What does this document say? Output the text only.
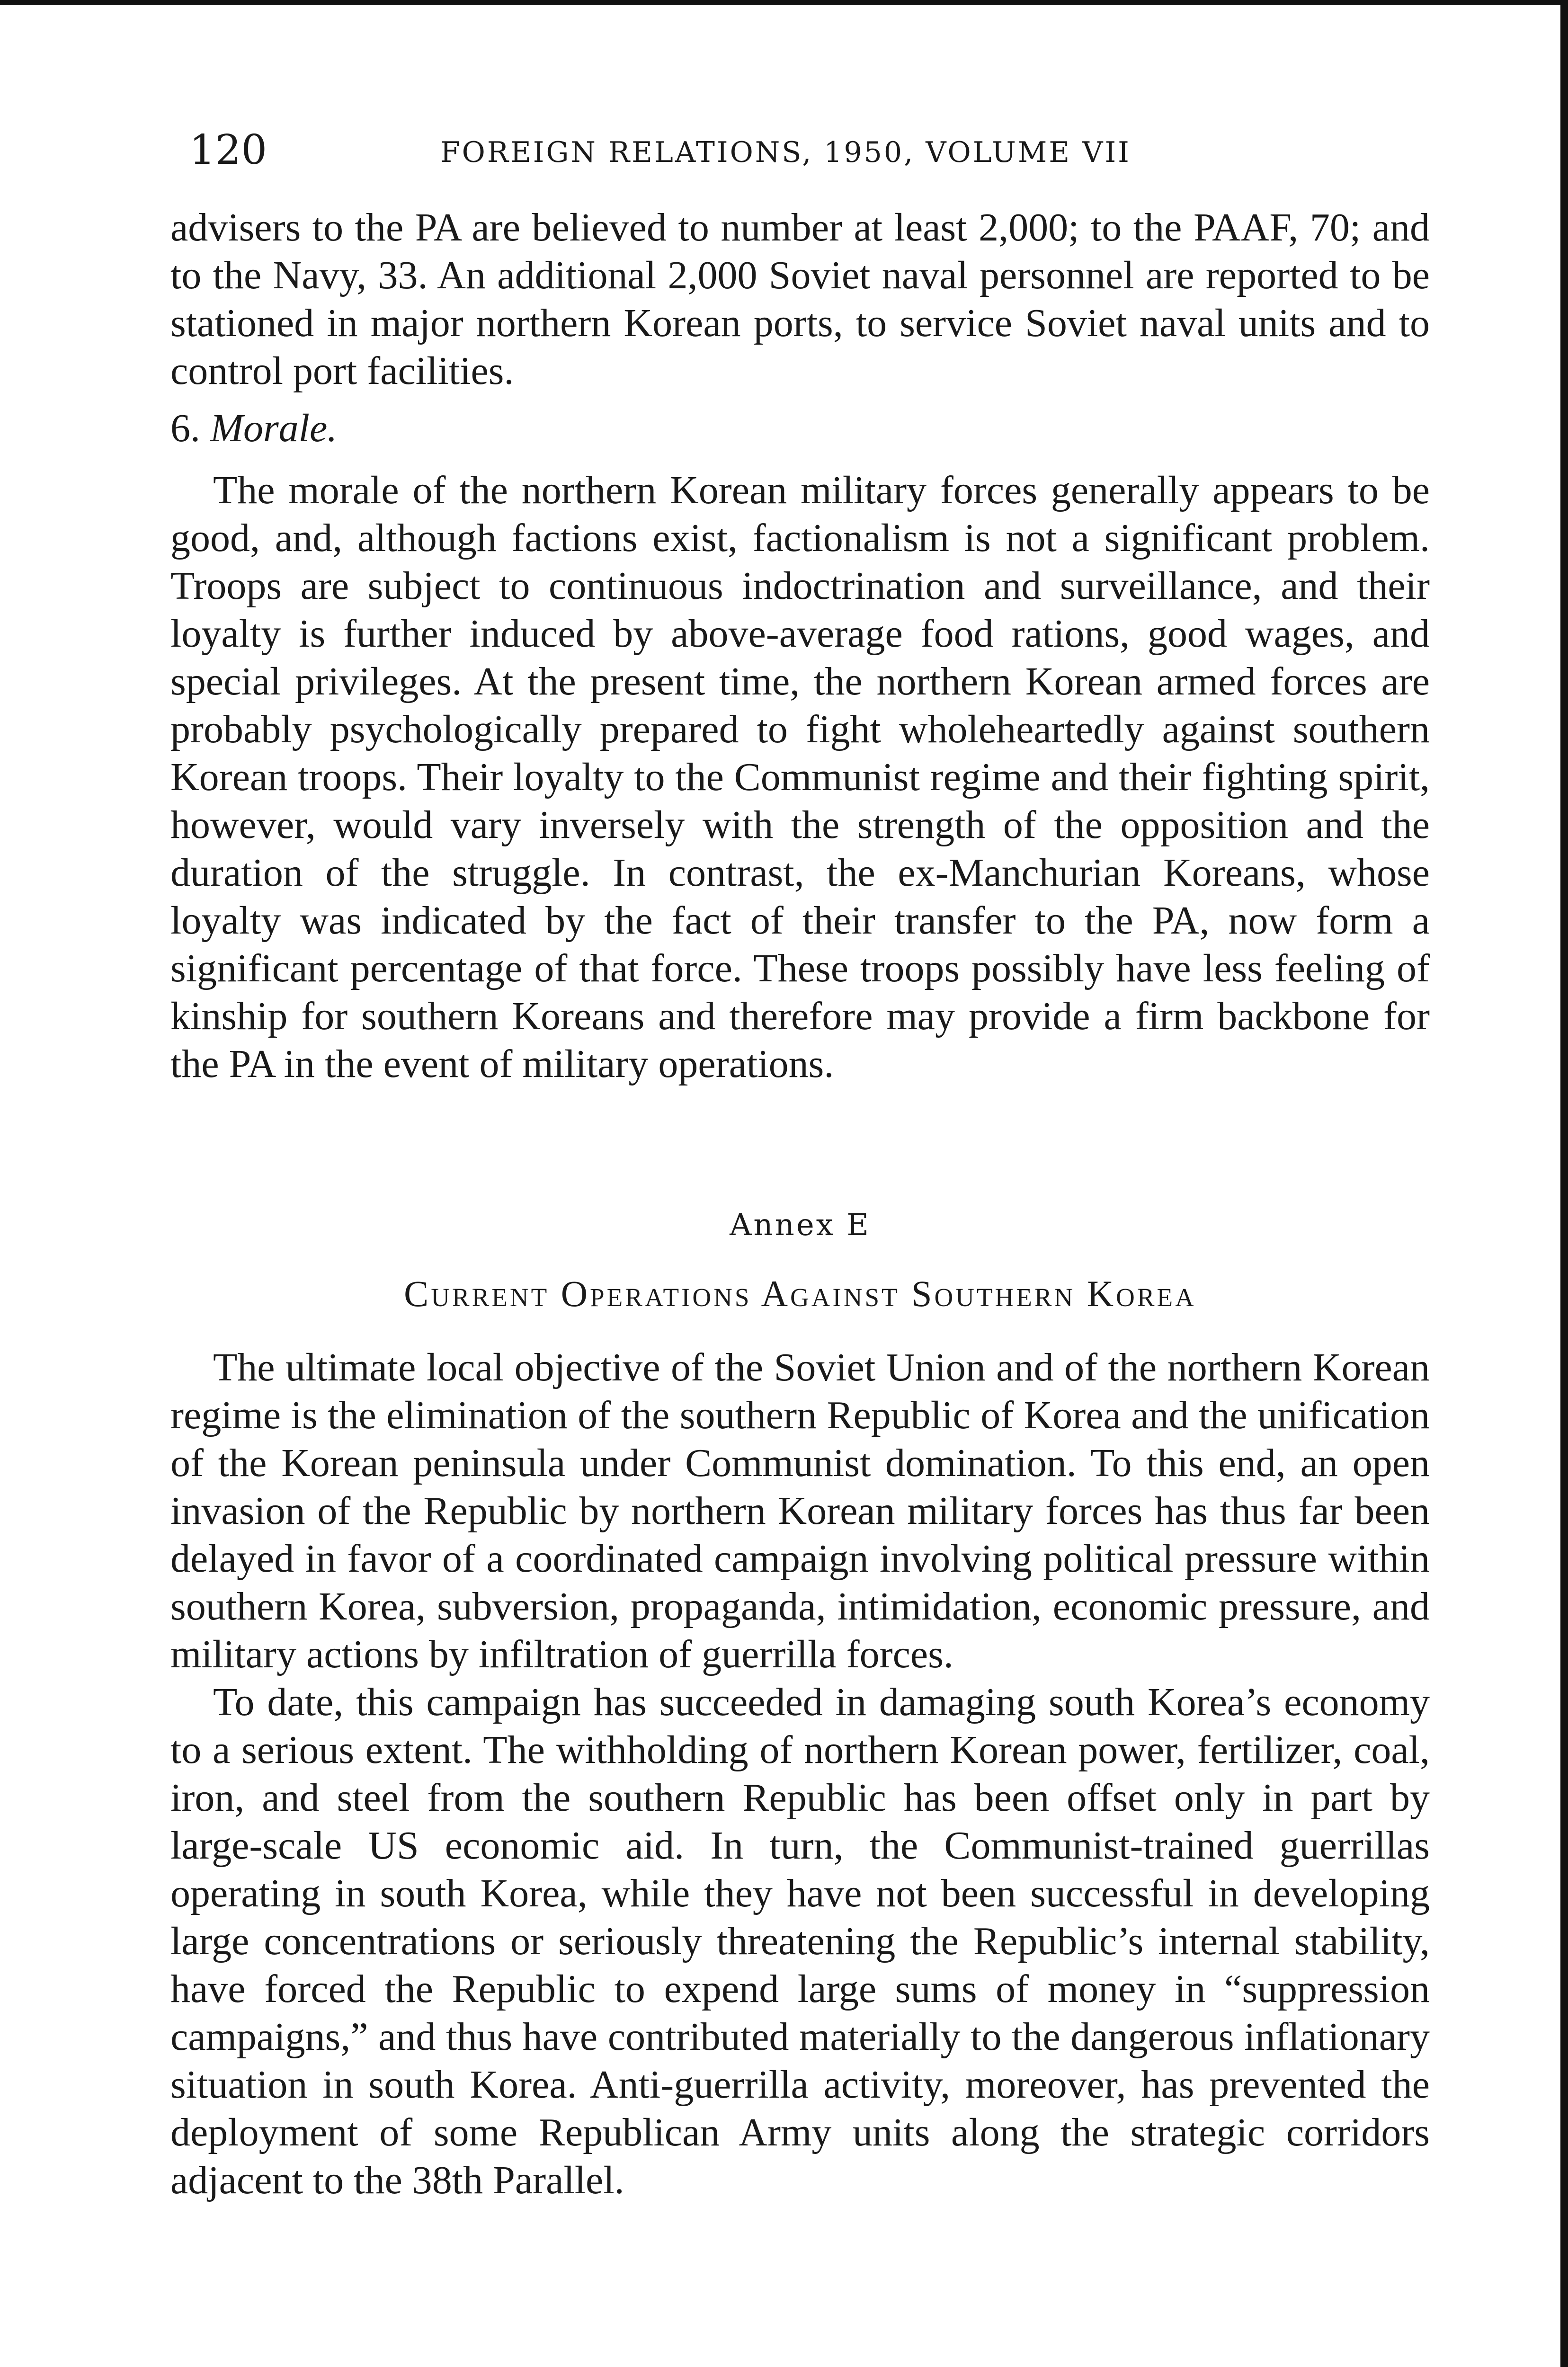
120	FOREIGN RELATIONS, 1950, VOLUME VII

advisers to the PA are believed to number at least 2,000; to the PAAF, 70; and to the Navy, 33. An additional 2,000 Soviet naval personnel are reported to be stationed in major northern Korean ports, to service Soviet naval units and to control port facilities.

6. Morale.

The morale of the northern Korean military forces generally appears to be good, and, although factions exist, factionalism is not a significant problem. Troops are subject to continuous indoctrination and surveillance, and their loyalty is further induced by above-average food rations, good wages, and special privileges. At the present time, the northern Korean armed forces are probably psychologically prepared to fight wholeheartedly against southern Korean troops. Their loyalty to the Communist regime and their fighting spirit, however, would vary inversely with the strength of the opposition and the duration of the struggle. In contrast, the ex-Manchurian Koreans, whose loyalty was indicated by the fact of their transfer to the PA, now form a significant percentage of that force. These troops possibly have less feeling of kinship for southern Koreans and therefore may provide a firm backbone for the PA in the event of military operations.

Annex E

Current Operations Against Southern Korea

The ultimate local objective of the Soviet Union and of the northern Korean regime is the elimination of the southern Republic of Korea and the unification of the Korean peninsula under Communist domination. To this end, an open invasion of the Republic by northern Korean military forces has thus far been delayed in favor of a coordinated campaign involving political pressure within southern Korea, subversion, propaganda, intimidation, economic pressure, and military actions by infiltration of guerrilla forces.

To date, this campaign has succeeded in damaging south Korea’s economy to a serious extent. The withholding of northern Korean power, fertilizer, coal, iron, and steel from the southern Republic has been offset only in part by large-scale US economic aid. In turn, the Communist-trained guerrillas operating in south Korea, while they have not been successful in developing large concentrations or seriously threatening the Republic’s internal stability, have forced the Republic to expend large sums of money in “suppression campaigns,” and thus have contributed materially to the dangerous inflationary situation in south Korea. Anti-guerrilla activity, moreover, has prevented the deployment of some Republican Army units along the strategic corridors adjacent to the 38th Parallel.
